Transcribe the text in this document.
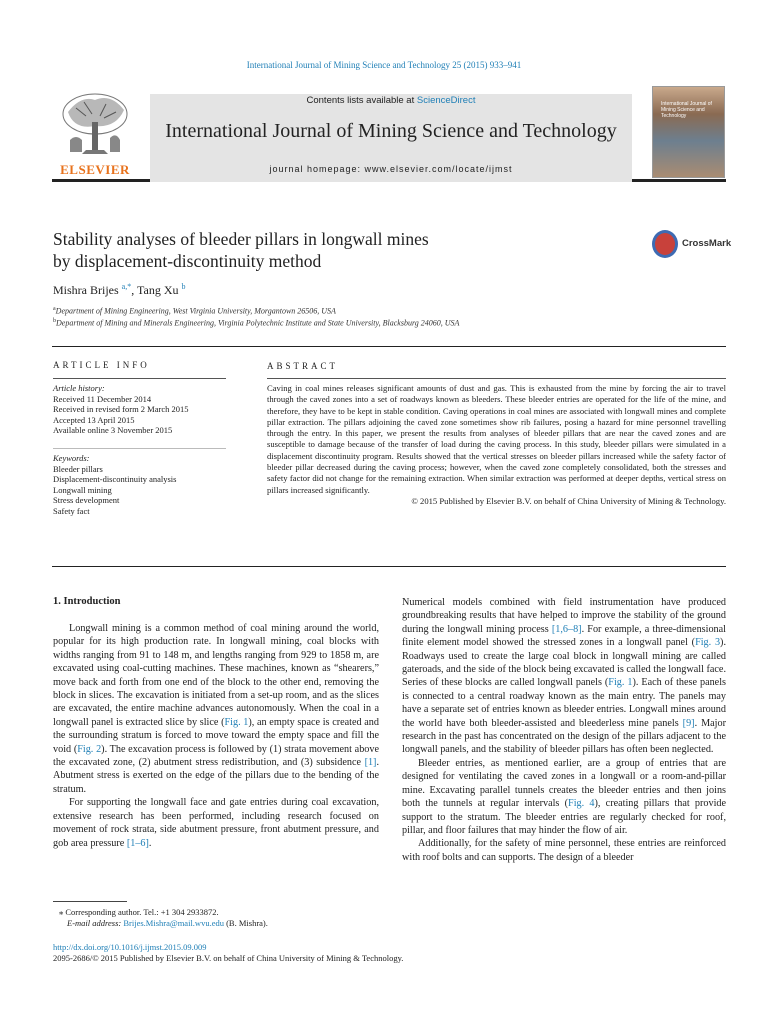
International Journal of Mining Science and Technology 25 (2015) 933–941
ELSEVIER
Contents lists available at ScienceDirect
International Journal of Mining Science and Technology
journal homepage: www.elsevier.com/locate/ijmst
International Journal of Mining Science and Technology
Stability analyses of bleeder pillars in longwall mines
by displacement-discontinuity method
CrossMark
Mishra Brijes $^{a,*}$, Tang Xu $^b$
$^a$Department of Mining Engineering, West Virginia University, Morgantown 26506, USA
$^b$Department of Mining and Minerals Engineering, Virginia Polytechnic Institute and State University, Blacksburg 24060, USA
ARTICLE INFO
Article history:
Received 11 December 2014
Received in revised form 2 March 2015
Accepted 13 April 2015
Available online 3 November 2015
Keywords:
Bleeder pillars
Displacement-discontinuity analysis
Longwall mining
Stress development
Safety fact
ABSTRACT
Caving in coal mines releases significant amounts of dust and gas. This is exhausted from the mine by forcing the air to travel through the caved zones into a set of roadways known as bleeders. These bleeder entries are operated for the life of the mine, and therefore, they have to be kept in stable condition. Caving operations in coal mines are associated with longwall mines and complete pillar extraction. The pillars adjoining the caved zone sometimes show rib failures, posing a hazard for mine personnel travelling through the entry. In this paper, we present the results from analyses of bleeder pillars that are near the caved zones and are susceptible to damage because of the transfer of load during the caving process. In this study, bleeder pillars were simulated in a displacement discontinuity program. Results showed that the vertical stresses on bleeder pillars increased while the safety factor of bleeder pillar decreased during the caving process; however, when the caved zone completely consolidated, both the stresses and safety factor did not change for the remaining extraction. When similar extraction was performed at deeper depths, vertical stress on pillars increased significantly.
© 2015 Published by Elsevier B.V. on behalf of China University of Mining & Technology.
1. Introduction

Longwall mining is a common method of coal mining around the world, popular for its high production rate. In longwall mining, coal blocks with widths ranging from 91 to 148 m, and lengths ranging from 929 to 1858 m, are excavated using coal-cutting machines. These machines, known as “shearers,” move back and forth from one end of the block to the other end, removing the block in slices. The excavation is initiated from a set-up room, and as the slices are excavated, the entire machine advances autonomously. When the coal in a longwall panel is extracted slice by slice (Fig. 1), an empty space is created and the surrounding stratum is forced to move toward the empty space and fill the void (Fig. 2). The excavation process is followed by (1) strata movement above the excavated zone, (2) abutment stress redistribution, and (3) subsidence [1]. Abutment stress is exerted on the edge of the pillars due to the bending of the stratum.

For supporting the longwall face and gate entries during coal excavation, extensive research has been performed, including research focused on movement of rock strata, side abutment pressure, front abutment pressure, and gob area pressure [1–6].

Numerical models combined with field instrumentation have produced groundbreaking results that have helped to improve the stability of the ground during the longwall mining process [1,6–8]. For example, a three-dimensional finite element model showed the stressed zones in a longwall panel (Fig. 3). Roadways used to create the large coal block in longwall mining are called gateroads, and the side of the block being excavated is called the longwall face. Series of these blocks are called longwall panels (Fig. 1). Each of these panels is connected to a central roadway known as the main entry. The panels may have a separate set of entries known as bleeder entries. Longwall mines around the world have both bleeder-assisted and bleederless mine panels [9]. Major research in the past has concentrated on the design of the pillars adjacent to the longwall panels, and the stability of bleeder pillars has often been neglected.

Bleeder entries, as mentioned earlier, are a group of entries that are designed for ventilating the caved zones in a longwall or a room-and-pillar mine. Excavating parallel tunnels creates the bleeder entries and then joins both the tunnels at regular intervals (Fig. 4), creating pillars that provide support to the stratum. The bleeder entries are regularly checked for roof, pillar, and floor failures that may hinder the flow of air.

Additionally, for the safety of mine personnel, these entries are reinforced with roof bolts and can supports. The design of a bleeder

⁎ Corresponding author. Tel.: +1 304 2933872.
E-mail address: Brijes.Mishra@mail.wvu.edu (B. Mishra).
http://dx.doi.org/10.1016/j.ijmst.2015.09.009
2095-2686/© 2015 Published by Elsevier B.V. on behalf of China University of Mining & Technology.
